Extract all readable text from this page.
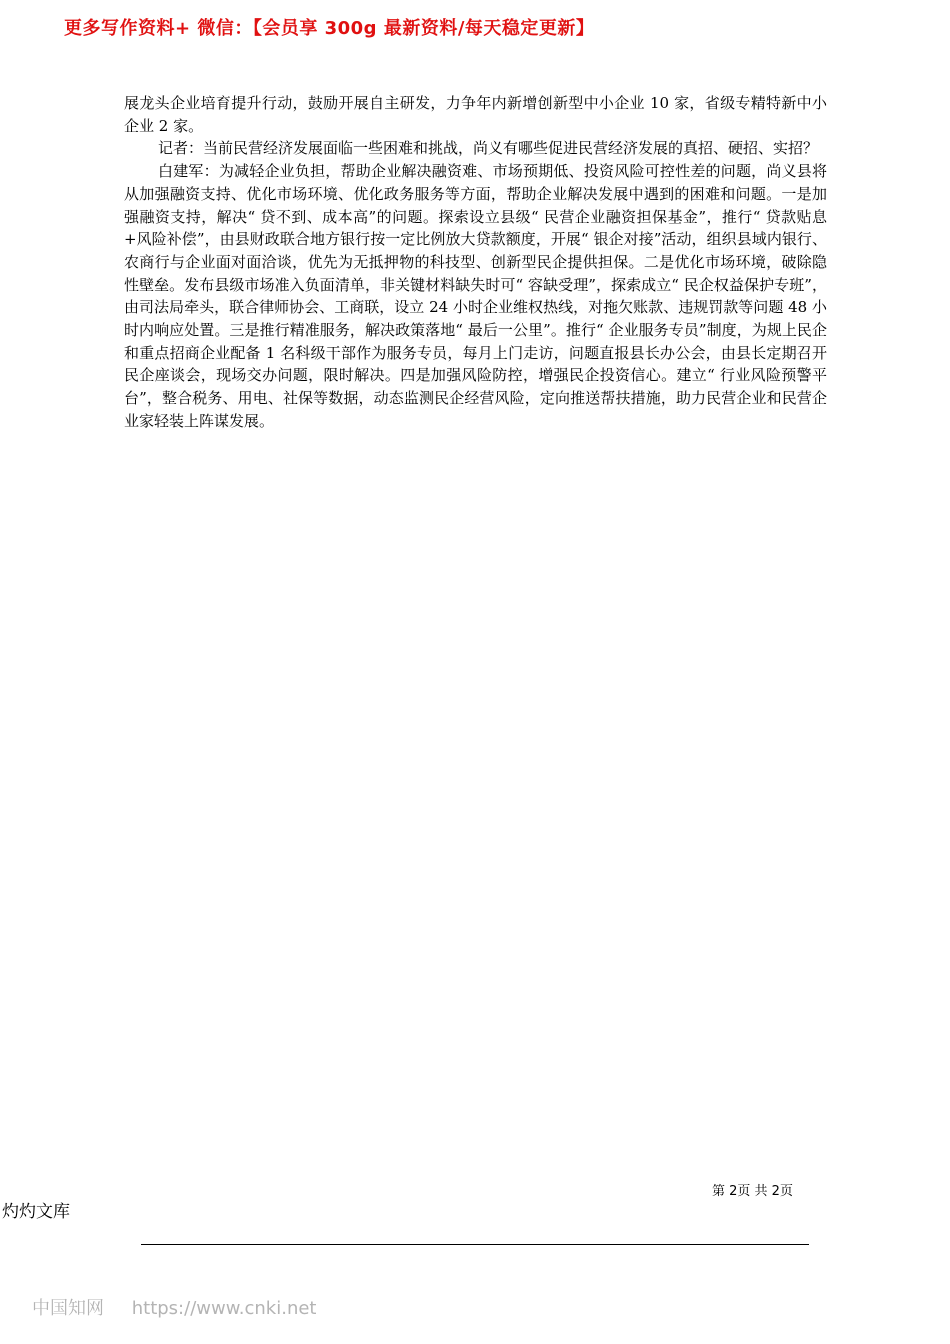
更多写作资料+ 微信：【会员享 300g 最新资料/每天稳定更新】

展龙头企业培育提升行动，鼓励开展自主研发，力争年内新增创新型中小企业 10 家，省级专精特新中小企业 2 家。

记者：当前民营经济发展面临一些困难和挑战，尚义有哪些促进民营经济发展的真招、硬招、实招？

白建军：为减轻企业负担，帮助企业解决融资难、市场预期低、投资风险可控性差的问题，尚义县将从加强融资支持、优化市场环境、优化政务服务等方面，帮助企业解决发展中遇到的困难和问题。一是加强融资支持，解决“ 贷不到、成本高”的问题。探索设立县级“ 民营企业融资担保基金”，推行“ 贷款贴息+风险补偿”，由县财政联合地方银行按一定比例放大贷款额度，开展“ 银企对接”活动，组织县域内银行、农商行与企业面对面洽谈，优先为无抵押物的科技型、创新型民企提供担保。二是优化市场环境，破除隐性壁垒。发布县级市场准入负面清单，非关键材料缺失时可“ 容缺受理”，探索成立“ 民企权益保护专班”，由司法局牵头，联合律师协会、工商联，设立 24 小时企业维权热线，对拖欠账款、违规罚款等问题 48 小时内响应处置。三是推行精准服务，解决政策落地“ 最后一公里”。推行“ 企业服务专员”制度，为规上民企和重点招商企业配备 1 名科级干部作为服务专员，每月上门走访，问题直报县长办公会，由县长定期召开民企座谈会，现场交办问题，限时解决。四是加强风险防控，增强民企投资信心。建立“ 行业风险预警平台”，整合税务、用电、社保等数据，动态监测民企经营风险，定向推送帮扶措施，助力民营企业和民营企业家轻装上阵谋发展。

第 2页 共 2页
灼灼文库
中国知网 https://www.cnki.net
